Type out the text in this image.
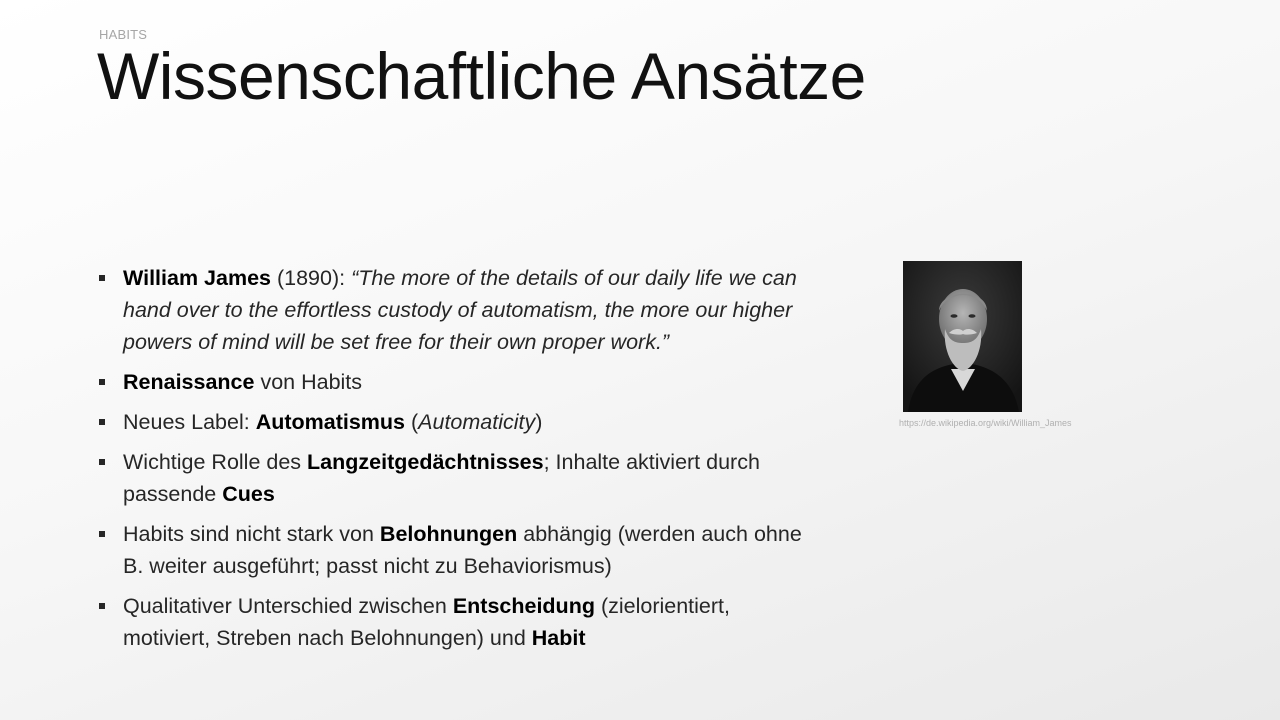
HABITS
Wissenschaftliche Ansätze
William James (1890): “The more of the details of our daily life we can hand over to the effortless custody of automatism, the more our higher powers of mind will be set free for their own proper work.”
Renaissance von Habits
Neues Label: Automatismus (Automaticity)
Wichtige Rolle des Langzeitgedächtnisses; Inhalte aktiviert durch passende Cues
Habits sind nicht stark von Belohnungen abhängig (werden auch ohne B. weiter ausgeführt; passt nicht zu Behaviorismus)
Qualitativer Unterschied zwischen Entscheidung (zielorientiert, motiviert, Streben nach Belohnungen) und Habit
https://de.wikipedia.org/wiki/William_James
